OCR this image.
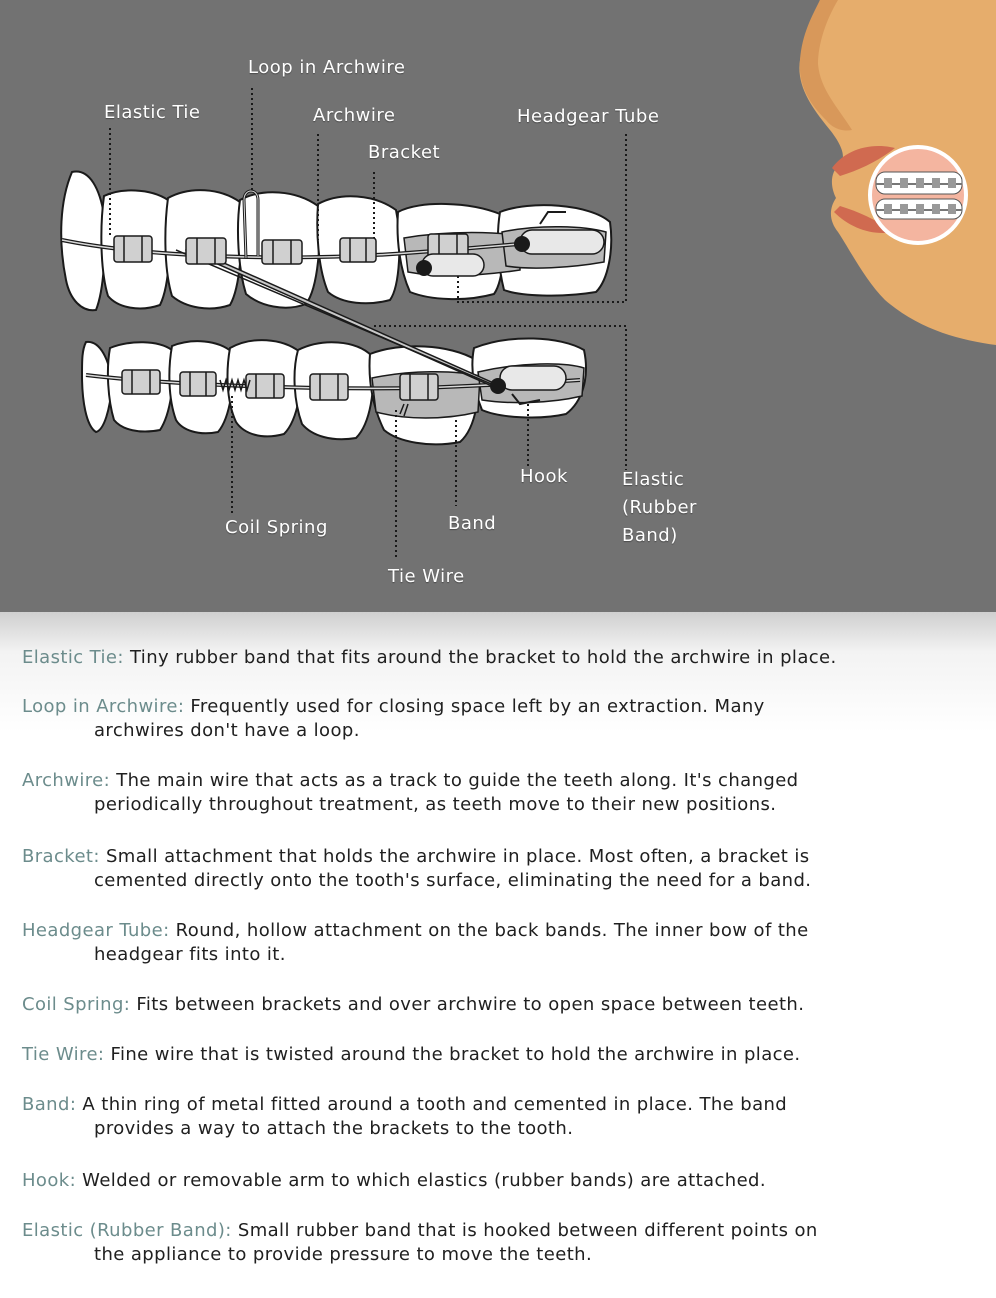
Loop in Archwire
Elastic Tie	Archwire	Headgear Tube
Bracket
Hook	Elastic
(Rubber
Band)
Band
Coil Spring
Tie Wire
Elastic Tie: Tiny rubber band that fits around the bracket to hold the archwire in place.
Loop in Archwire: Frequently used for closing space left by an extraction. Many
archwires don't have a loop.
Archwire: The main wire that acts as a track to guide the teeth along. It's changed
periodically throughout treatment, as teeth move to their new positions.
Bracket: Small attachment that holds the archwire in place. Most often, a bracket is
cemented directly onto the tooth's surface, eliminating the need for a band.
Headgear Tube: Round, hollow attachment on the back bands. The inner bow of the
headgear fits into it.
Coil Spring: Fits between brackets and over archwire to open space between teeth.
Tie Wire: Fine wire that is twisted around the bracket to hold the archwire in place.
Band: A thin ring of metal fitted around a tooth and cemented in place. The band
provides a way to attach the brackets to the tooth.
Hook: Welded or removable arm to which elastics (rubber bands) are attached.
Elastic (Rubber Band): Small rubber band that is hooked between different points on
the appliance to provide pressure to move the teeth.
